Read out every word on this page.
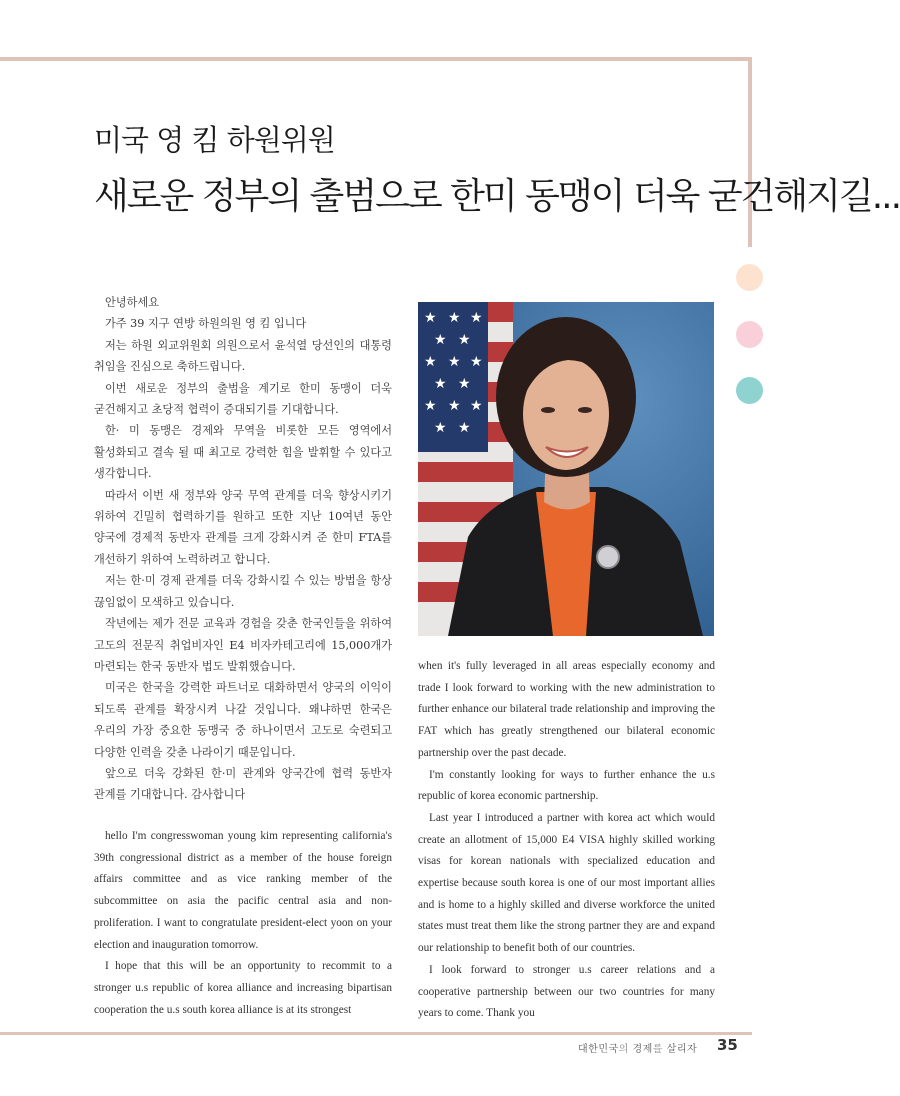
미국 영 킴 하원위원
새로운 정부의 출범으로 한미 동맹이 더욱 굳건해지길...

안녕하세요

가주 39 지구 연방 하원의원 영 킴 입니다

저는 하원 외교위원회 의원으로서 윤석열 당선인의 대통령 취임을 진심으로 축하드립니다.

이번 새로운 정부의 출범을 계기로 한미 동맹이 더욱 굳건해지고 초당적 협력이 증대되기를 기대합니다.

한· 미 동맹은 경제와 무역을 비롯한 모든 영역에서 활성화되고 결속 될 때 최고로 강력한 힘을 발휘할 수 있다고 생각합니다.

따라서 이번 새 정부와 양국 무역 관계를 더욱 향상시키기 위하여 긴밀히 협력하기를 원하고 또한 지난 10여년 동안 양국에 경제적 동반자 관계를 크게 강화시켜 준 한미 FTA를 개선하기 위하여 노력하려고 합니다.

저는 한·미 경제 관계를 더욱 강화시킬 수 있는 방법을 항상 끊임없이 모색하고 있습니다.

작년에는 제가 전문 교육과 경험을 갖춘 한국인들을 위하여 고도의 전문직 취업비자인 E4 비자카테고리에 15,000개가 마련되는 한국 동반자 법도 발휘했습니다.

미국은 한국을 강력한 파트너로 대화하면서 양국의 이익이 되도록 관계를 확장시켜 나갈 것입니다. 왜냐하면 한국은 우리의 가장 중요한 동맹국 중 하나이면서 고도로 숙련되고 다양한 인력을 갖춘 나라이기 때문입니다.

앞으로 더욱 강화된 한·미 관계와 양국간에 협력 동반자 관계를 기대합니다. 감사합니다

hello I'm congresswoman young kim representing california's 39th congressional district as a member of the house foreign affairs committee and as vice ranking member of the subcommittee on asia the pacific central asia and non-proliferation. I want to congratulate president-elect yoon on your election and inauguration tomorrow.

I hope that this will be an opportunity to recommit to a stronger u.s republic of korea alliance and increasing bipartisan cooperation the u.s south korea alliance is at its strongest

★ ★ ★
★ ★
★ ★ ★
★ ★
★ ★ ★
★ ★

when it's fully leveraged in all areas especially economy and trade I look forward to working with the new administration to further enhance our bilateral trade relationship and improving the FAT which has greatly strengthened our bilateral economic partnership over the past decade.

I'm constantly looking for ways to further enhance the u.s republic of korea economic partnership.

Last year I introduced a partner with korea act which would create an allotment of 15,000 E4 VISA highly skilled working visas for korean nationals with specialized education and expertise because south korea is one of our most important allies and is home to a highly skilled and diverse workforce the united states must treat them like the strong partner they are and expand our relationship to benefit both of our countries.

I look forward to stronger u.s career relations and a cooperative partnership between our two countries for many years to come. Thank you

대한민국의 경제를 살리자 35
